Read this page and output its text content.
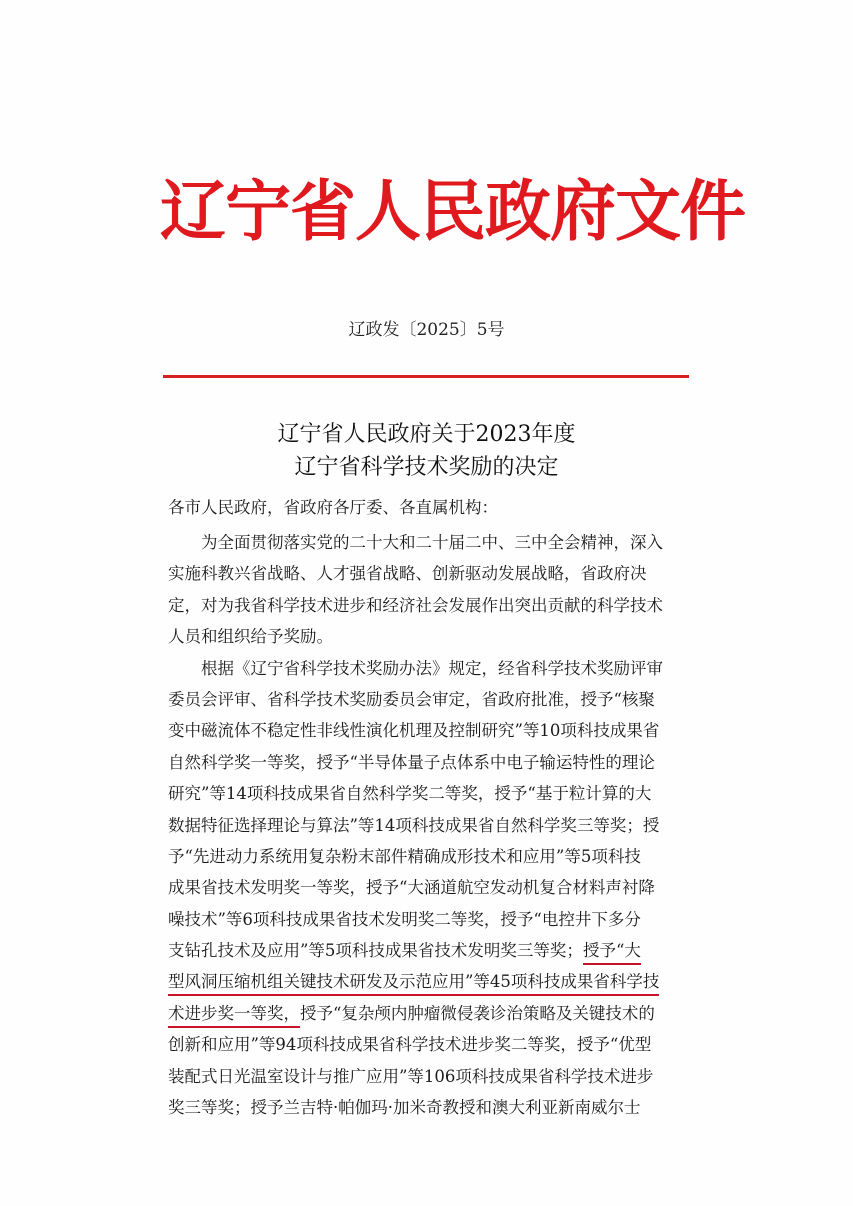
辽宁省人民政府文件
辽政发〔2025〕5号
辽宁省人民政府关于2023年度
辽宁省科学技术奖励的决定
各市人民政府，省政府各厅委、各直属机构：
　　为全面贯彻落实党的二十大和二十届二中、三中全会精神，深入
实施科教兴省战略、人才强省战略、创新驱动发展战略，省政府决
定，对为我省科学技术进步和经济社会发展作出突出贡献的科学技术
人员和组织给予奖励。
　　根据《辽宁省科学技术奖励办法》规定，经省科学技术奖励评审
委员会评审、省科学技术奖励委员会审定，省政府批准，授予“核聚
变中磁流体不稳定性非线性演化机理及控制研究”等10项科技成果省
自然科学奖一等奖，授予“半导体量子点体系中电子输运特性的理论
研究”等14项科技成果省自然科学奖二等奖，授予“基于粒计算的大
数据特征选择理论与算法”等14项科技成果省自然科学奖三等奖；授
予“先进动力系统用复杂粉末部件精确成形技术和应用”等5项科技
成果省技术发明奖一等奖，授予“大涵道航空发动机复合材料声衬降
噪技术”等6项科技成果省技术发明奖二等奖，授予“电控井下多分
支钻孔技术及应用”等5项科技成果省技术发明奖三等奖；授予“大
型风洞压缩机组关键技术研发及示范应用”等45项科技成果省科学技
术进步奖一等奖，授予“复杂颅内肿瘤微侵袭诊治策略及关键技术的
创新和应用”等94项科技成果省科学技术进步奖二等奖，授予“优型
装配式日光温室设计与推广应用”等106项科技成果省科学技术进步
奖三等奖；授予兰吉特·帕伽玛·加米奇教授和澳大利亚新南威尔士
